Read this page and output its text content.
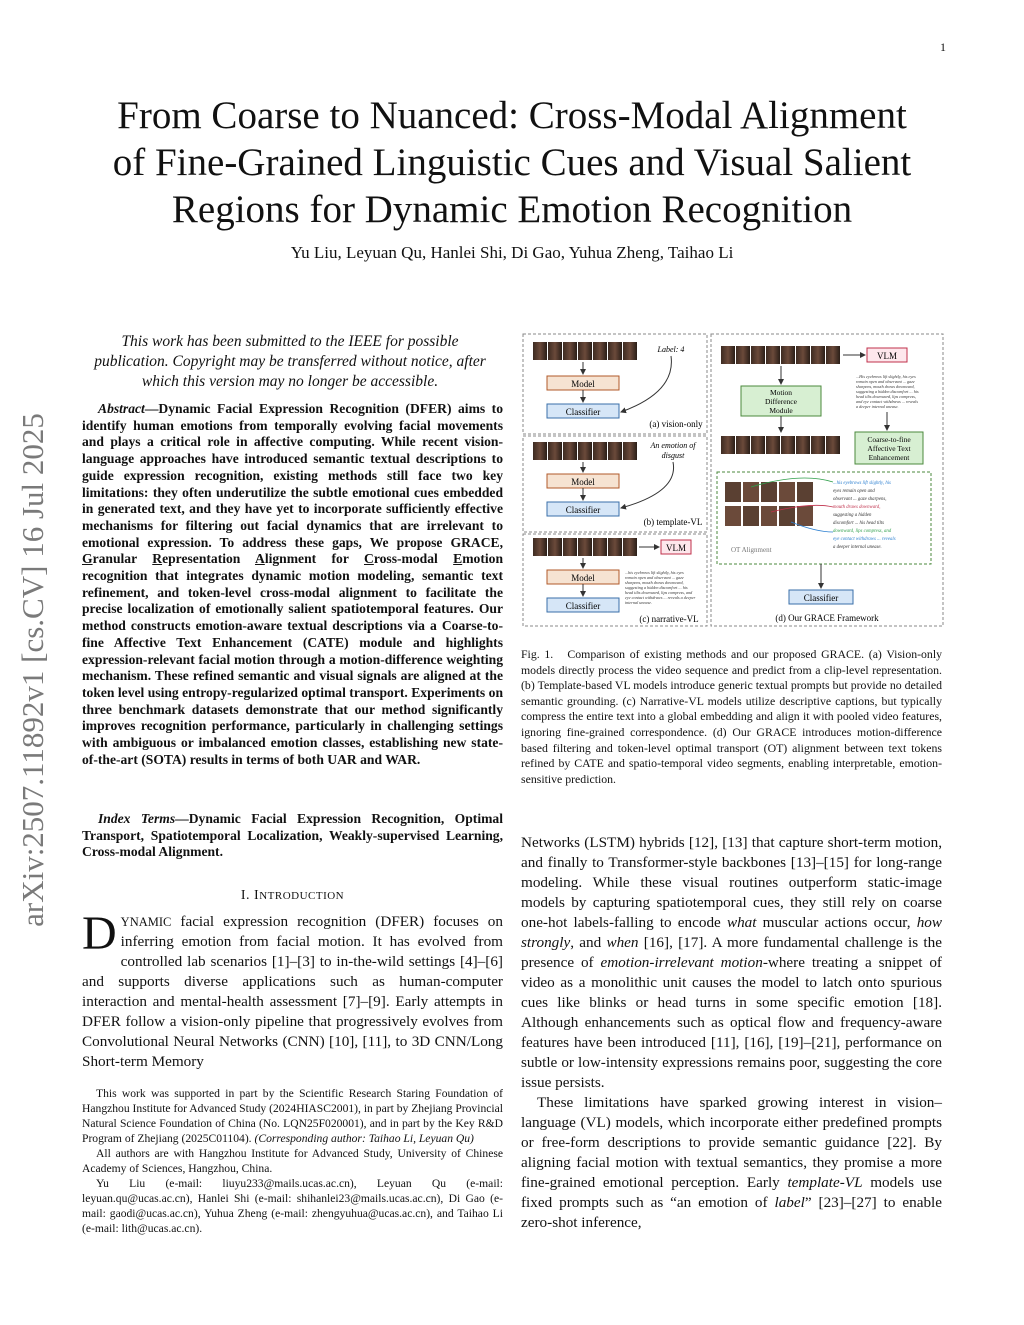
1
arXiv:2507.11892v1 [cs.CV] 16 Jul 2025
From Coarse to Nuanced: Cross-Modal Alignment
of Fine-Grained Linguistic Cues and Visual Salient
Regions for Dynamic Emotion Recognition
Yu Liu, Leyuan Qu, Hanlei Shi, Di Gao, Yuhua Zheng, Taihao Li
This work has been submitted to the IEEE for possible publication. Copyright may be transferred without notice, after which this version may no longer be accessible.
Abstract—Dynamic Facial Expression Recognition (DFER) aims to identify human emotions from temporally evolving facial movements and plays a critical role in affective computing. While recent vision-language approaches have introduced semantic textual descriptions to guide expression recognition, existing methods still face two key limitations: they often underutilize the subtle emotional cues embedded in generated text, and they have yet to incorporate sufficiently effective mechanisms for filtering out facial dynamics that are irrelevant to emotional expression. To address these gaps, We propose GRACE, Granular Representation Alignment for Cross-modal Emotion recognition that integrates dynamic motion modeling, semantic text refinement, and token-level cross-modal alignment to facilitate the precise localization of emotionally salient spatiotemporal features. Our method constructs emotion-aware textual descriptions via a Coarse-to-fine Affective Text Enhancement (CATE) module and highlights expression-relevant facial motion through a motion-difference weighting mechanism. These refined semantic and visual signals are aligned at the token level using entropy-regularized optimal transport. Experiments on three benchmark datasets demonstrate that our method significantly improves recognition performance, particularly in challenging settings with ambiguous or imbalanced emotion classes, establishing new state-of-the-art (SOTA) results in terms of both UAR and WAR.
Index Terms—Dynamic Facial Expression Recognition, Optimal Transport, Spatiotemporal Localization, Weakly-supervised Learning, Cross-modal Alignment.
I. INTRODUCTION

DYNAMIC facial expression recognition (DFER) focuses on inferring emotion from facial motion. It has evolved from controlled lab scenarios [1]–[3] to in-the-wild settings [4]–[6] and supports diverse applications such as human-computer interaction and mental-health assessment [7]–[9]. Early attempts in DFER follow a vision-only pipeline that progressively evolves from Convolutional Neural Networks (CNN) [10], [11], to 3D CNN/Long Short-term Memory

This work was supported in part by the Scientific Research Staring Foundation of Hangzhou Institute for Advanced Study (2024HIASC2001), in part by Zhejiang Provincial Natural Science Foundation of China (No. LQN25F020001), and in part by the Key R&D Program of Zhejiang (2025C01104). (Corresponding author: Taihao Li, Leyuan Qu)

All authors are with Hangzhou Institute for Advanced Study, University of Chinese Academy of Sciences, Hangzhou, China.

Yu Liu (e-mail: liuyu233@mails.ucas.ac.cn), Leyuan Qu (e-mail: leyuan.qu@ucas.ac.cn), Hanlei Shi (e-mail: shihanlei23@mails.ucas.ac.cn), Di Gao (e-mail: gaodi@ucas.ac.cn), Yuhua Zheng (e-mail: zhengyuhua@ucas.ac.cn), and Taihao Li (e-mail: lith@ucas.ac.cn).

Model
Classifier
Label: 4
(a) vision-only
Model
Classifier
An emotion of
disgust
(b) template-VL
VLM
Model
Classifier
...his eyebrows lift slightly, his eyes
remain open and observant ... gaze
sharpens, mouth draws downward,
suggesting a hidden discomfort ... his
head tilts downward, lips compress, and
eye contact withdraws ... reveals a deeper
internal unease.
(c) narrative-VL
VLM
Motion
Difference
Module
...His eyebrows lift slightly, his eyes
remain open and observant ... gaze
sharpens, mouth draws downward,
suggesting a hidden discomfort ... his
head tilts downward, lips compress,
and eye contact withdraws ... reveals
a deeper internal unease.
Coarse-to-fine
Affective Text
Enhancement
...his eyebrows lift slightly, his
eyes remain open and
observant ... gaze sharpens,
mouth draws downward,
suggesting a hidden
discomfort ... his head tilts
downward, lips compress, and
eye contact withdraws ... reveals
a deeper internal unease.
OT Alignment
Classifier
(d) Our GRACE Framework
Fig. 1. Comparison of existing methods and our proposed GRACE. (a) Vision-only models directly process the video sequence and predict from a clip-level representation. (b) Template-based VL models introduce generic textual prompts but provide no detailed semantic grounding. (c) Narrative-VL models utilize descriptive captions, but typically compress the entire text into a global embedding and align it with pooled video features, ignoring fine-grained correspondence. (d) Our GRACE introduces motion-difference based filtering and token-level optimal transport (OT) alignment between text tokens refined by CATE and spatio-temporal video segments, enabling interpretable, emotion-sensitive prediction.

Networks (LSTM) hybrids [12], [13] that capture short-term motion, and finally to Transformer-style backbones [13]–[15] for long-range modeling. While these visual routines outperform static-image models by capturing spatiotemporal cues, they still rely on coarse one-hot labels-falling to encode what muscular actions occur, how strongly, and when [16], [17]. A more fundamental challenge is the presence of emotion-irrelevant motion-where treating a snippet of video as a monolithic unit causes the model to latch onto spurious cues like blinks or head turns in some specific emotion [18]. Although enhancements such as optical flow and frequency-aware features have been introduced [11], [16], [19]–[21], performance on subtle or low-intensity expressions remains poor, suggesting the core issue persists.

These limitations have sparked growing interest in vision–language (VL) models, which incorporate either predefined prompts or free-form descriptions to provide semantic guidance [22]. By aligning facial motion with textual semantics, they promise a more fine-grained emotional perception. Early template-VL models use fixed prompts such as “an emotion of label” [23]–[27] to enable zero-shot inference,
